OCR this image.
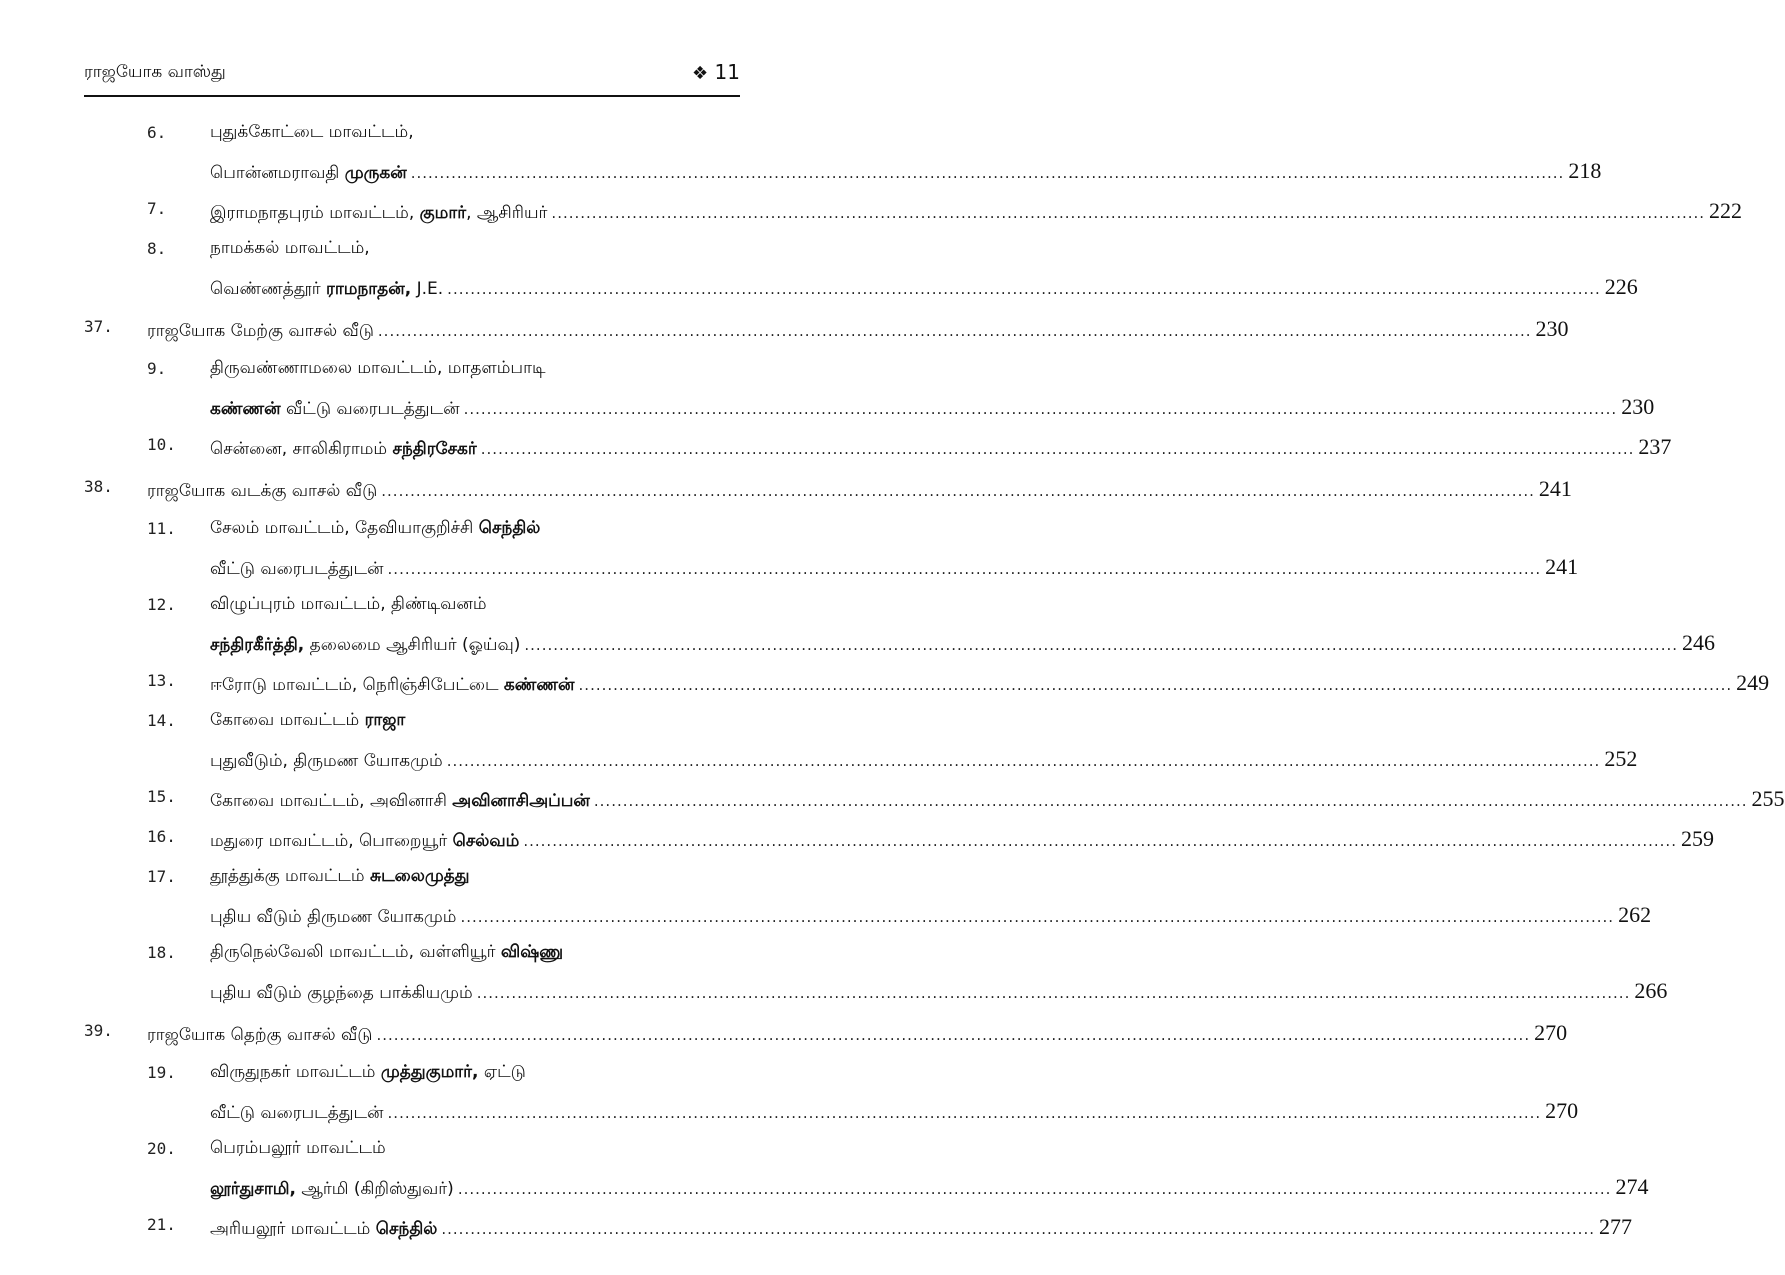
ராஜயோக வாஸ்து	❖ 11
6.	புதுக்கோட்டை மாவட்டம்,
பொன்னமராவதி முருகன் ........................................................................................................................................................................................................ 218
7.	இராமநாதபுரம் மாவட்டம், குமார், ஆசிரியர் ........................................................................................................................................................................................................ 222
8.	நாமக்கல் மாவட்டம்,
வெண்ணத்தூர் ராமநாதன், J.E. ........................................................................................................................................................................................................ 226
37. ராஜயோக மேற்கு வாசல் வீடு ........................................................................................................................................................................................................ 230
9.	திருவண்ணாமலை மாவட்டம், மாதளம்பாடி
கண்ணன் வீட்டு வரைபடத்துடன் ........................................................................................................................................................................................................ 230
10. சென்னை, சாலிகிராமம் சந்திரசேகர் ........................................................................................................................................................................................................ 237
38. ராஜயோக வடக்கு வாசல் வீடு ........................................................................................................................................................................................................ 241
11. சேலம் மாவட்டம், தேவியாகுறிச்சி செந்தில்
வீட்டு வரைபடத்துடன் ........................................................................................................................................................................................................ 241
12. விழுப்புரம் மாவட்டம், திண்டிவனம்
சந்திரகீர்த்தி, தலைமை ஆசிரியர் (ஓய்வு) ........................................................................................................................................................................................................ 246
13. ஈரோடு மாவட்டம், நெரிஞ்சிபேட்டை கண்ணன் ........................................................................................................................................................................................................ 249
14. கோவை மாவட்டம் ராஜா
புதுவீடும், திருமண யோகமும் ........................................................................................................................................................................................................ 252
15. கோவை மாவட்டம், அவினாசி அவினாசிஅப்பன் ........................................................................................................................................................................................................ 255
16. மதுரை மாவட்டம், பொறையூர் செல்வம் ........................................................................................................................................................................................................ 259
17. தூத்துக்கு மாவட்டம் சுடலைமுத்து
புதிய வீடும் திருமண யோகமும் ........................................................................................................................................................................................................ 262
18. திருநெல்வேலி மாவட்டம், வள்ளியூர் விஷ்ணு
புதிய வீடும் குழந்தை பாக்கியமும் ........................................................................................................................................................................................................ 266
39. ராஜயோக தெற்கு வாசல் வீடு ........................................................................................................................................................................................................ 270
19. விருதுநகர் மாவட்டம் முத்துகுமார், ஏட்டு
வீட்டு வரைபடத்துடன் ........................................................................................................................................................................................................ 270
20. பெரம்பலூர் மாவட்டம்
லூர்துசாமி, ஆர்மி (கிறிஸ்துவர்) ........................................................................................................................................................................................................ 274
21. அரியலூர் மாவட்டம் செந்தில் ........................................................................................................................................................................................................ 277
